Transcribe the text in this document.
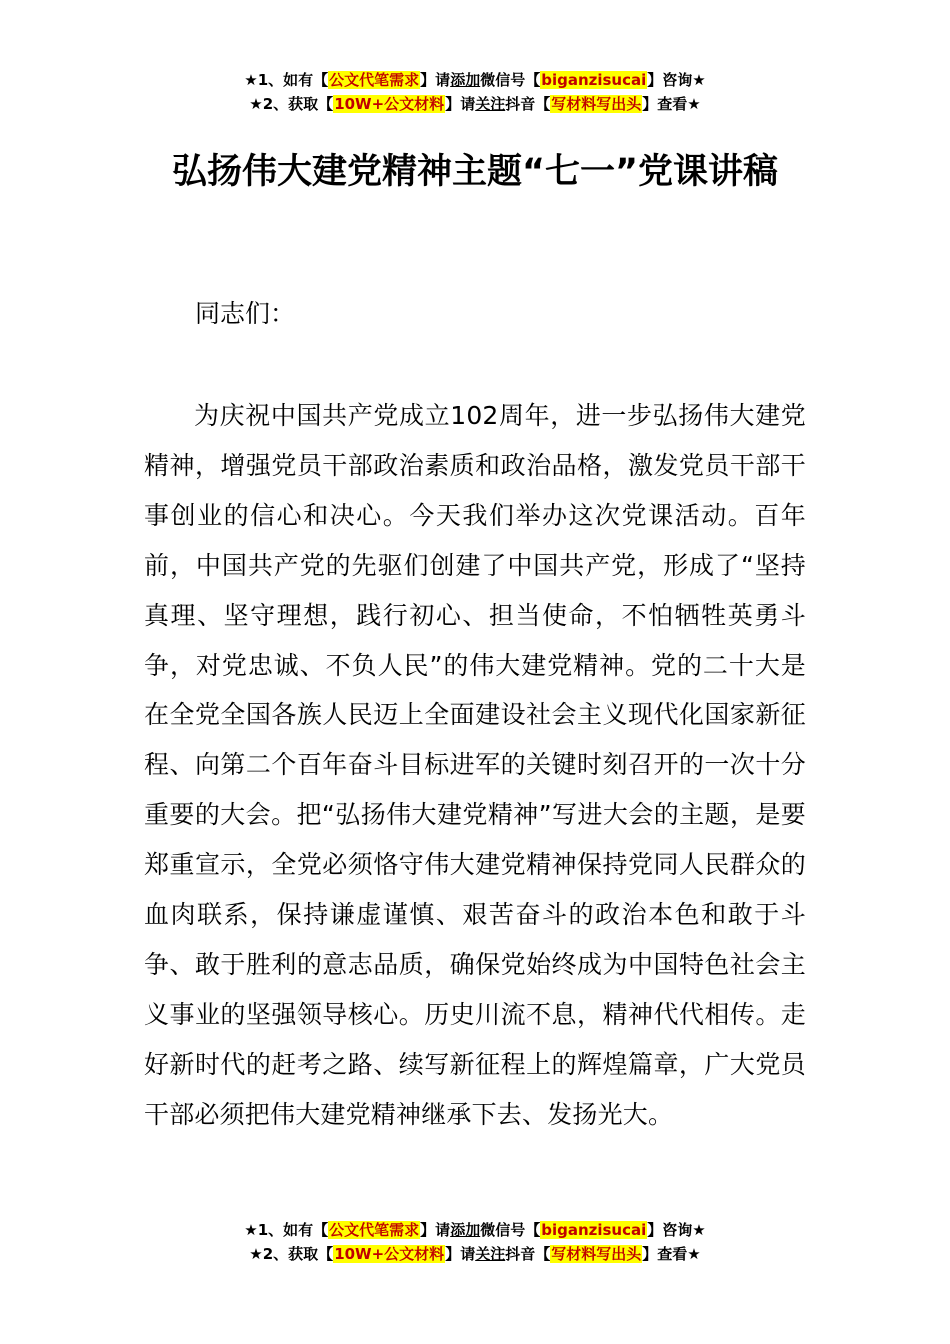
★1、如有【公文代笔需求】请添加微信号【biganzisucai】咨询★
★2、获取【10W+公文材料】请关注抖音【写材料写出头】查看★
弘扬伟大建党精神主题“七一”党课讲稿
同志们：

为庆祝中国共产党成立102周年，进一步弘扬伟大建党精神，增强党员干部政治素质和政治品格，激发党员干部干事创业的信心和决心。今天我们举办这次党课活动。百年前，中国共产党的先驱们创建了中国共产党，形成了“坚持真理、坚守理想，践行初心、担当使命，不怕牺牲英勇斗争，对党忠诚、不负人民”的伟大建党精神。党的二十大是在全党全国各族人民迈上全面建设社会主义现代化国家新征程、向第二个百年奋斗目标进军的关键时刻召开的一次十分重要的大会。把“弘扬伟大建党精神”写进大会的主题，是要郑重宣示，全党必须恪守伟大建党精神保持党同人民群众的血肉联系，保持谦虚谨慎、艰苦奋斗的政治本色和敢于斗争、敢于胜利的意志品质，确保党始终成为中国特色社会主义事业的坚强领导核心。历史川流不息，精神代代相传。走好新时代的赶考之路、续写新征程上的辉煌篇章，广大党员干部必须把伟大建党精神继承下去、发扬光大。

★1、如有【公文代笔需求】请添加微信号【biganzisucai】咨询★
★2、获取【10W+公文材料】请关注抖音【写材料写出头】查看★
